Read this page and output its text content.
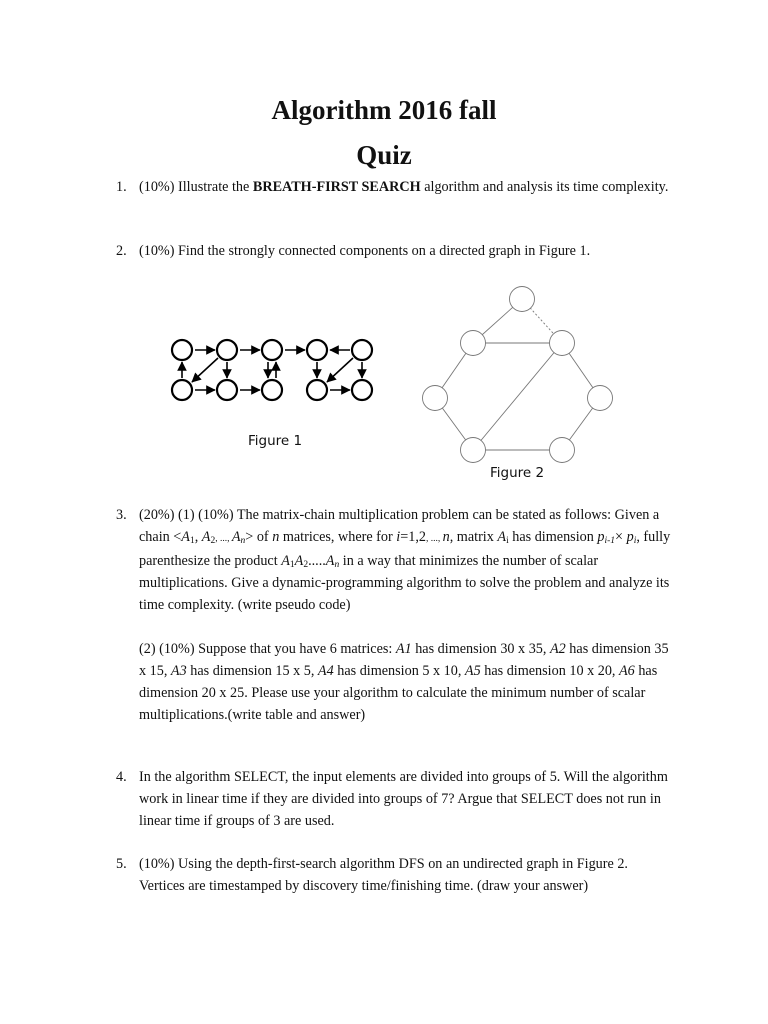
Algorithm 2016 fall
Quiz
1. (10%) Illustrate the BREATH-FIRST SEARCH algorithm and analysis its time complexity.
2. (10%) Find the strongly connected components on a directed graph in Figure 1.
Figure 1
Figure 2
3. (20%) (1) (10%) The matrix-chain multiplication problem can be stated as follows: Given a chain $<A_1$, $A_2$, ..., $A_n>$ of n matrices, where for i=1,2, ..., n, matrix $A_i$ has dimension $p_{i-1}\times p_i$, fully parenthesize the product $A_1A_2.....A_n$ in a way that minimizes the number of scalar multiplications. Give a dynamic-programming algorithm to solve the problem and analyze its time complexity. (write pseudo code)
(2) (10%) Suppose that you have 6 matrices: A1 has dimension 30 x 35, A2 has dimension 35 x 15, A3 has dimension 15 x 5, A4 has dimension 5 x 10, A5 has dimension 10 x 20, A6 has dimension 20 x 25. Please use your algorithm to calculate the minimum number of scalar multiplications.(write table and answer)
4. In the algorithm SELECT, the input elements are divided into groups of 5. Will the algorithm work in linear time if they are divided into groups of 7? Argue that SELECT does not run in linear time if groups of 3 are used.
5. (10%) Using the depth-first-search algorithm DFS on an undirected graph in Figure 2. Vertices are timestamped by discovery time/finishing time. (draw your answer)
